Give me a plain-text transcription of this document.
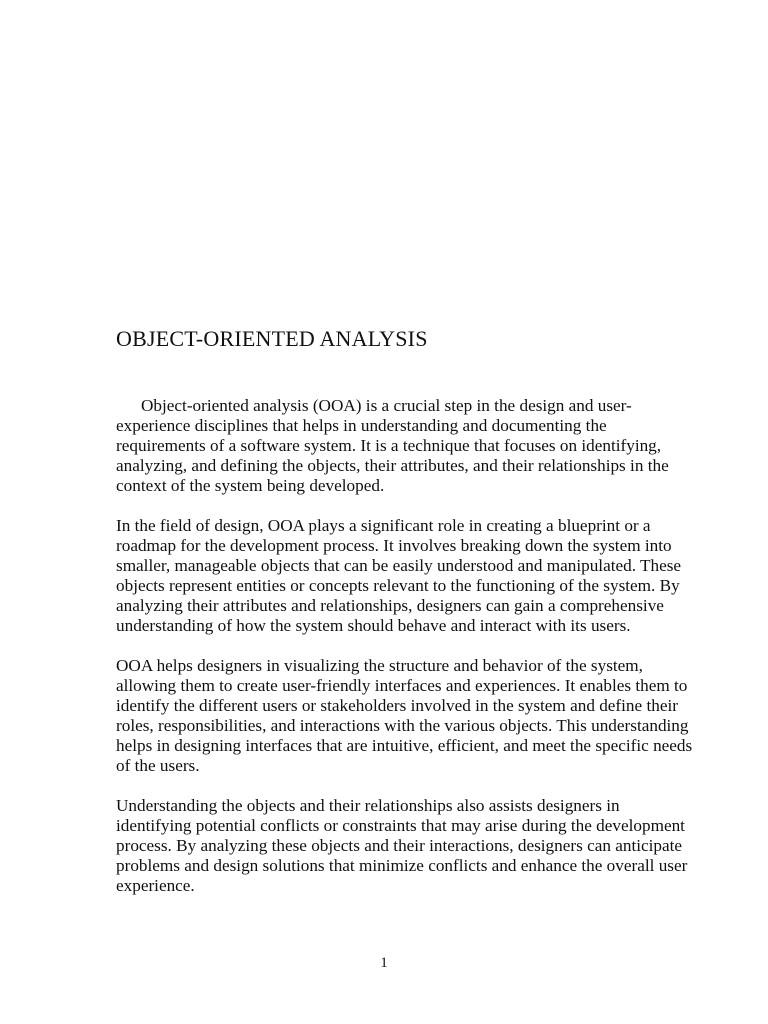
OBJECT-ORIENTED ANALYSIS

Object-oriented analysis (OOA) is a crucial step in the design and user-experience disciplines that helps in understanding and documenting the requirements of a software system. It is a technique that focuses on identifying, analyzing, and defining the objects, their attributes, and their relationships in the context of the system being developed.

In the field of design, OOA plays a significant role in creating a blueprint or a roadmap for the development process. It involves breaking down the system into smaller, manageable objects that can be easily understood and manipulated. These objects represent entities or concepts relevant to the functioning of the system. By analyzing their attributes and relationships, designers can gain a comprehensive understanding of how the system should behave and interact with its users.

OOA helps designers in visualizing the structure and behavior of the system, allowing them to create user-friendly interfaces and experiences. It enables them to identify the different users or stakeholders involved in the system and define their roles, responsibilities, and interactions with the various objects. This understanding helps in designing interfaces that are intuitive, efficient, and meet the specific needs of the users.

Understanding the objects and their relationships also assists designers in identifying potential conflicts or constraints that may arise during the development process. By analyzing these objects and their interactions, designers can anticipate problems and design solutions that minimize conflicts and enhance the overall user experience.

1
